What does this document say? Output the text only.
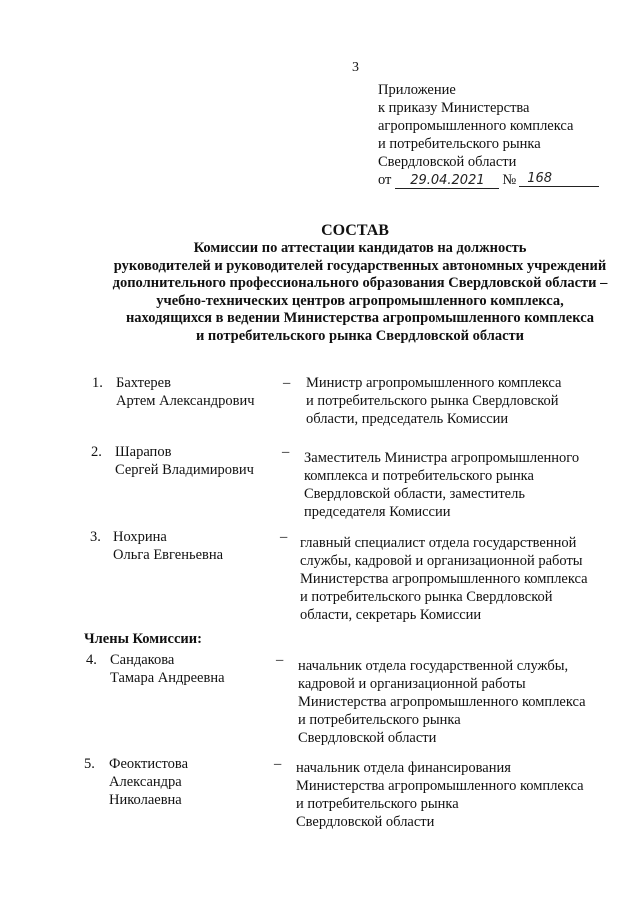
3
Приложение
к приказу Министерства
агропромышленного комплекса
и потребительского рынка
Свердловской области
от 29.04.2021 № 168
СОСТАВ
Комиссии по аттестации кандидатов на должность
руководителей и руководителей государственных автономных учреждений
дополнительного профессионального образования Свердловской области –
учебно-технических центров агропромышленного комплекса,
находящихся в ведении Министерства агропромышленного комплекса
и потребительского рынка Свердловской области
1. Бахтерев
Артем Александрович
– Министр агропромышленного комплекса
и потребительского рынка Свердловской
области, председатель Комиссии
2. Шарапов
Сергей Владимирович
– Заместитель Министра агропромышленного
комплекса и потребительского рынка
Свердловской области, заместитель
председателя Комиссии
3. Нохрина
Ольга Евгеньевна
– главный специалист отдела государственной
службы, кадровой и организационной работы
Министерства агропромышленного комплекса
и потребительского рынка Свердловской
области, секретарь Комиссии
Члены Комиссии:
4. Сандакова
Тамара Андреевна
– начальник отдела государственной службы,
кадровой и организационной работы
Министерства агропромышленного комплекса
и потребительского рынка
Свердловской области
5. Феоктистова
Александра
Николаевна
– начальник отдела финансирования
Министерства агропромышленного комплекса
и потребительского рынка
Свердловской области
